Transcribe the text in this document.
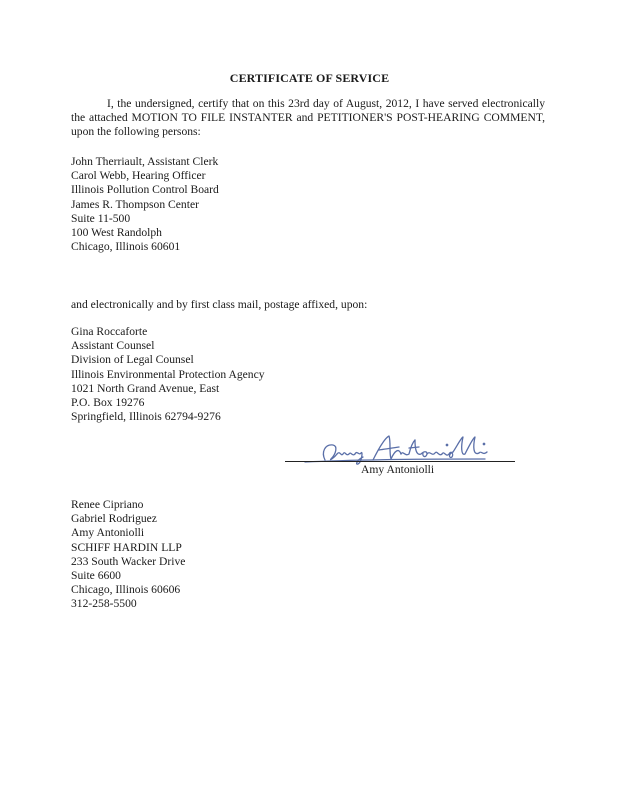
CERTIFICATE OF SERVICE
I, the undersigned, certify that on this 23rd day of August, 2012, I have served electronically the attached MOTION TO FILE INSTANTER and PETITIONER'S POST-HEARING COMMENT, upon the following persons:
John Therriault, Assistant Clerk
Carol Webb, Hearing Officer
Illinois Pollution Control Board
James R. Thompson Center
Suite 11-500
100 West Randolph
Chicago, Illinois 60601
and electronically and by first class mail, postage affixed, upon:
Gina Roccaforte
Assistant Counsel
Division of Legal Counsel
Illinois Environmental Protection Agency
1021 North Grand Avenue, East
P.O. Box 19276
Springfield, Illinois 62794-9276
Amy Antoniolli
Renee Cipriano
Gabriel Rodriguez
Amy Antoniolli
SCHIFF HARDIN LLP
233 South Wacker Drive
Suite 6600
Chicago, Illinois 60606
312-258-5500
